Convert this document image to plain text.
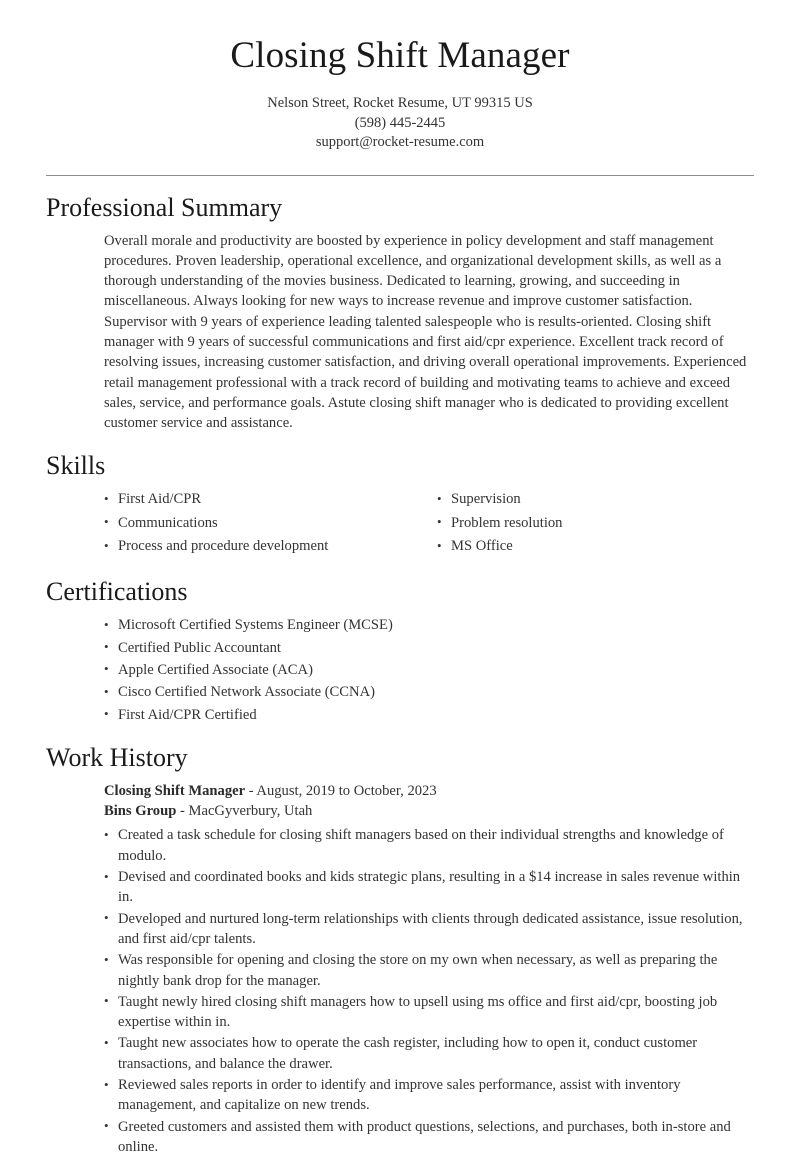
Closing Shift Manager

Nelson Street, Rocket Resume, UT 99315 US

(598) 445-2445

support@rocket-resume.com

Professional Summary

Overall morale and productivity are boosted by experience in policy development and staff management procedures. Proven leadership, operational excellence, and organizational development skills, as well as a thorough understanding of the movies business. Dedicated to learning, growing, and succeeding in miscellaneous. Always looking for new ways to increase revenue and improve customer satisfaction. Supervisor with 9 years of experience leading talented salespeople who is results-oriented. Closing shift manager with 9 years of successful communications and first aid/cpr experience. Excellent track record of resolving issues, increasing customer satisfaction, and driving overall operational improvements. Experienced retail management professional with a track record of building and motivating teams to achieve and exceed sales, service, and performance goals. Astute closing shift manager who is dedicated to providing excellent customer service and assistance.

Skills
• First Aid/CPR
• Communications
• Process and procedure development
• Supervision
• Problem resolution
• MS Office
Certifications
• Microsoft Certified Systems Engineer (MCSE)
• Certified Public Accountant
• Apple Certified Associate (ACA)
• Cisco Certified Network Associate (CCNA)
• First Aid/CPR Certified
Work History

Closing Shift Manager - August, 2019 to October, 2023

Bins Group - MacGyverbury, Utah

• Created a task schedule for closing shift managers based on their individual strengths and knowledge of modulo.
• Devised and coordinated books and kids strategic plans, resulting in a $14 increase in sales revenue within in.
• Developed and nurtured long-term relationships with clients through dedicated assistance, issue resolution, and first aid/cpr talents.
• Was responsible for opening and closing the store on my own when necessary, as well as preparing the nightly bank drop for the manager.
• Taught newly hired closing shift managers how to upsell using ms office and first aid/cpr, boosting job expertise within in.
• Taught new associates how to operate the cash register, including how to open it, conduct customer transactions, and balance the drawer.
• Reviewed sales reports in order to identify and improve sales performance, assist with inventory management, and capitalize on new trends.
• Greeted customers and assisted them with product questions, selections, and purchases, both in-store and online.
